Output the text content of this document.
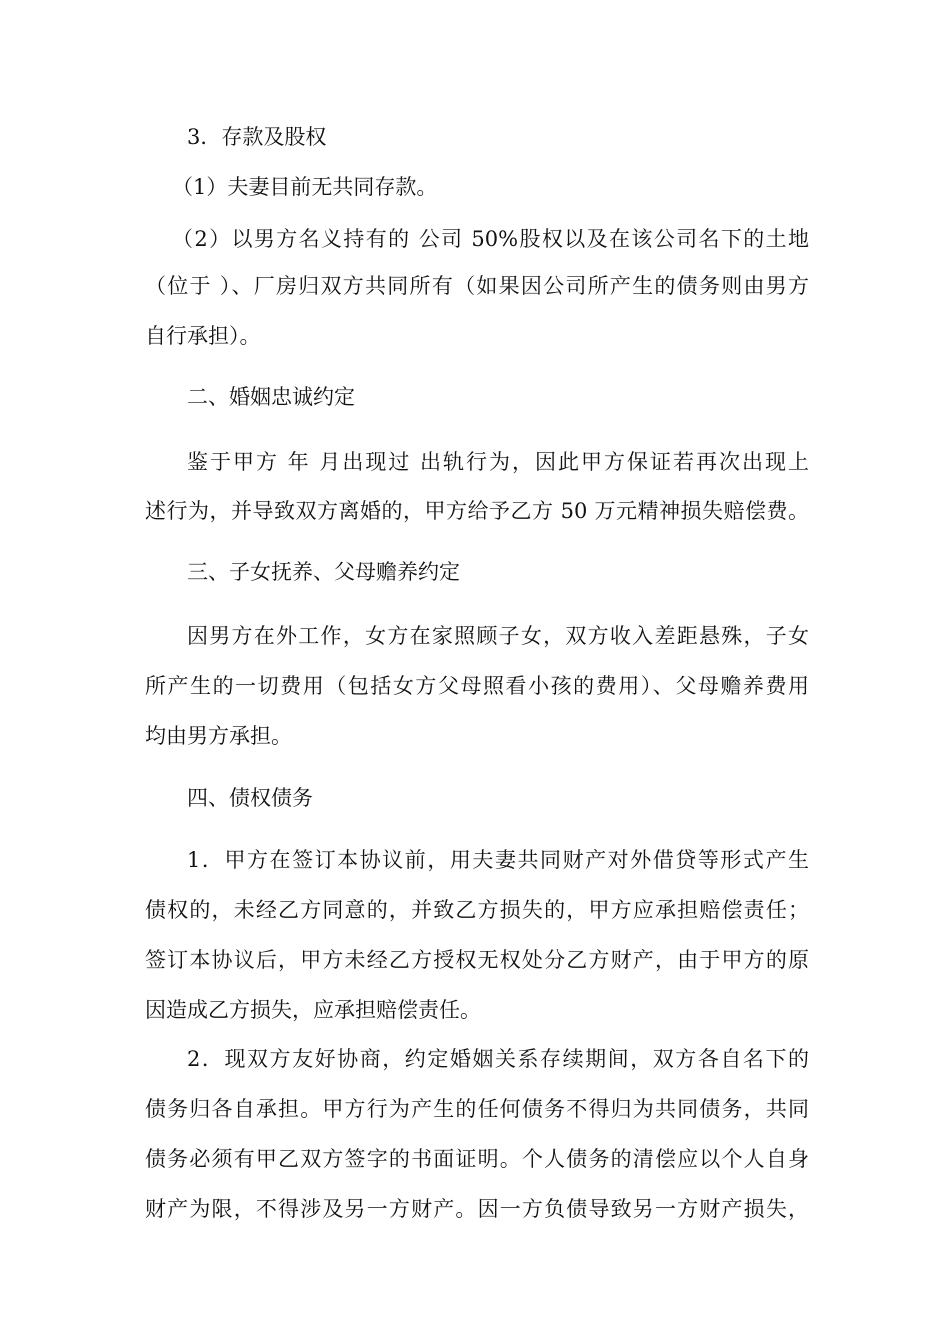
3．存款及股权
（1）夫妻目前无共同存款。
（2）以男方名义持有的 公司 50%股权以及在该公司名下的土地
（位于 ）、厂房归双方共同所有（如果因公司所产生的债务则由男方
自行承担）。
二、婚姻忠诚约定
鉴于甲方 年 月出现过 出轨行为，因此甲方保证若再次出现上
述行为，并导致双方离婚的，甲方给予乙方 50 万元精神损失赔偿费。
三、子女抚养、父母赡养约定
因男方在外工作，女方在家照顾子女，双方收入差距悬殊，子女
所产生的一切费用（包括女方父母照看小孩的费用）、父母赡养费用
均由男方承担。
四、债权债务
1．甲方在签订本协议前，用夫妻共同财产对外借贷等形式产生
债权的，未经乙方同意的，并致乙方损失的，甲方应承担赔偿责任；
签订本协议后，甲方未经乙方授权无权处分乙方财产，由于甲方的原
因造成乙方损失，应承担赔偿责任。
2．现双方友好协商，约定婚姻关系存续期间，双方各自名下的
债务归各自承担。甲方行为产生的任何债务不得归为共同债务，共同
债务必须有甲乙双方签字的书面证明。个人债务的清偿应以个人自身
财产为限，不得涉及另一方财产。因一方负债导致另一方财产损失，
